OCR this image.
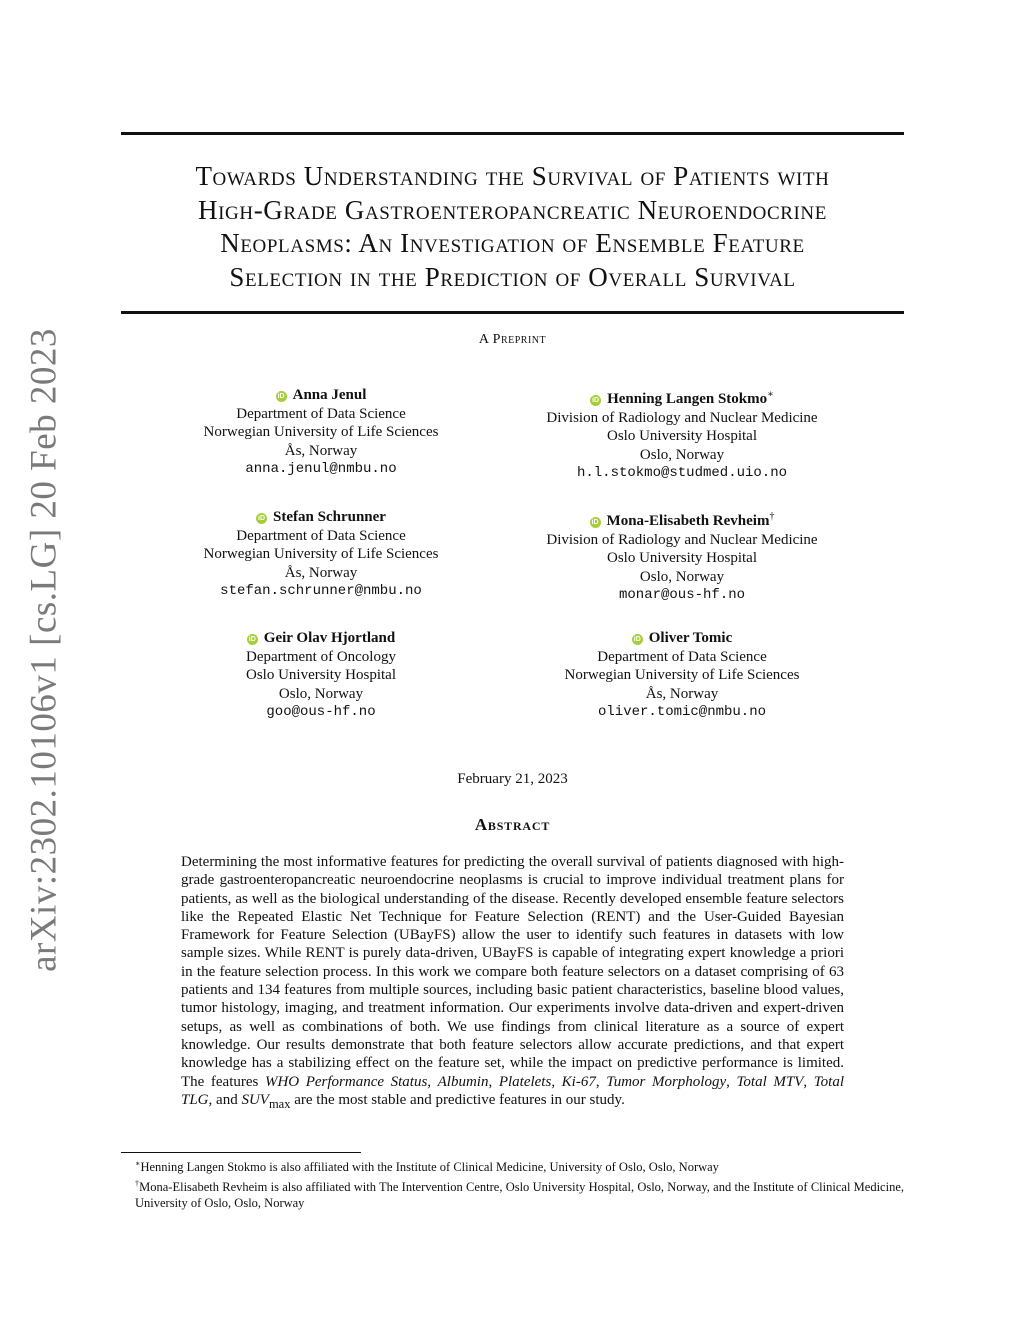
arXiv:2302.10106v1 [cs.LG] 20 Feb 2023
Towards Understanding the Survival of Patients with
High-Grade Gastroenteropancreatic Neuroendocrine
Neoplasms: An Investigation of Ensemble Feature
Selection in the Prediction of Overall Survival
A Preprint
iD Anna Jenul
Department of Data Science
Norwegian University of Life Sciences
Ås, Norway
anna.jenul@nmbu.no
iD Henning Langen Stokmo∗
Division of Radiology and Nuclear Medicine
Oslo University Hospital
Oslo, Norway
h.l.stokmo@studmed.uio.no
iD Stefan Schrunner
Department of Data Science
Norwegian University of Life Sciences
Ås, Norway
stefan.schrunner@nmbu.no
iD Mona-Elisabeth Revheim†
Division of Radiology and Nuclear Medicine
Oslo University Hospital
Oslo, Norway
monar@ous-hf.no
iD Geir Olav Hjortland
Department of Oncology
Oslo University Hospital
Oslo, Norway
goo@ous-hf.no
iD Oliver Tomic
Department of Data Science
Norwegian University of Life Sciences
Ås, Norway
oliver.tomic@nmbu.no
February 21, 2023
Abstract
Determining the most informative features for predicting the overall survival of patients diagnosed with high-grade gastroenteropancreatic neuroendocrine neoplasms is crucial to improve individual treatment plans for patients, as well as the biological understanding of the disease. Recently developed ensemble feature selectors like the Repeated Elastic Net Technique for Feature Selection (RENT) and the User-Guided Bayesian Framework for Feature Selection (UBayFS) allow the user to identify such features in datasets with low sample sizes. While RENT is purely data-driven, UBayFS is capable of integrating expert knowledge a priori in the feature selection process. In this work we compare both feature selectors on a dataset comprising of 63 patients and 134 features from multiple sources, including basic patient characteristics, baseline blood values, tumor histology, imaging, and treatment information. Our experiments involve data-driven and expert-driven setups, as well as combinations of both. We use findings from clinical literature as a source of expert knowledge. Our results demonstrate that both feature selectors allow accurate predictions, and that expert knowledge has a stabilizing effect on the feature set, while the impact on predictive performance is limited. The features WHO Performance Status, Albumin, Platelets, Ki-67, Tumor Morphology, Total MTV, Total TLG, and $SUV_{max}$ are the most stable and predictive features in our study.

∗Henning Langen Stokmo is also affiliated with the Institute of Clinical Medicine, University of Oslo, Oslo, Norway

†Mona-Elisabeth Revheim is also affiliated with The Intervention Centre, Oslo University Hospital, Oslo, Norway, and the Institute of Clinical Medicine, University of Oslo, Oslo, Norway
